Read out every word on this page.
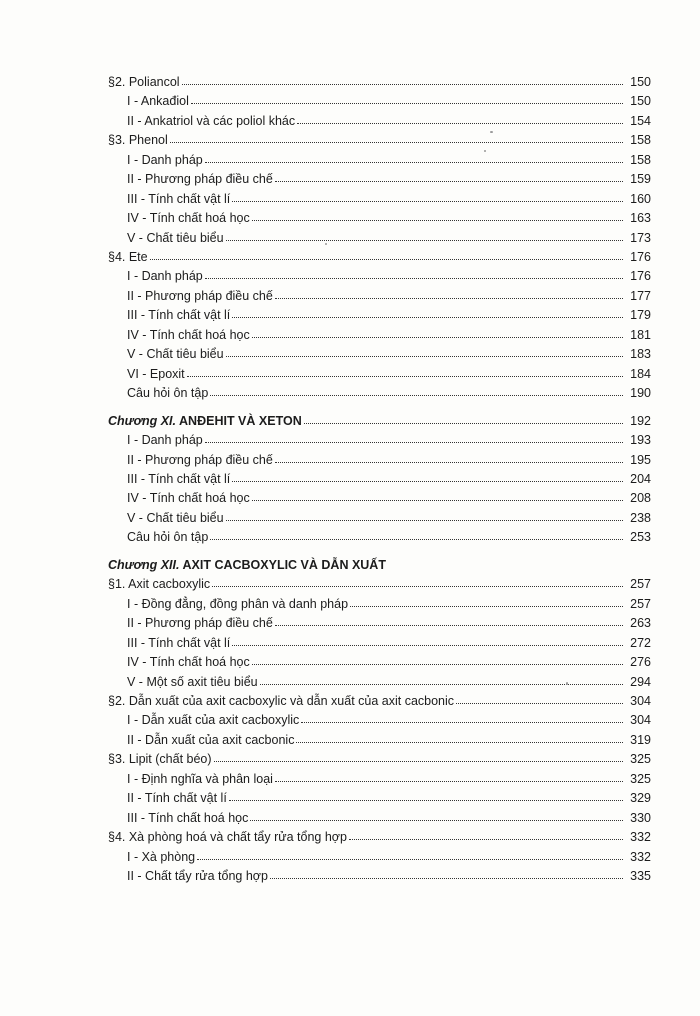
§2. Poliancol	150
I - Ankađiol	150
II - Ankatriol và các poliol khác	154
§3. Phenol	158
I - Danh pháp	158
II - Phương pháp điều chế	159
III - Tính chất vật lí	160
IV - Tính chất hoá học	163
V - Chất tiêu biểu	173
§4. Ete	176
I - Danh pháp	176
II - Phương pháp điều chế	177
III - Tính chất vật lí	179
IV - Tính chất hoá học	181
V - Chất tiêu biểu	183
VI - Epoxit	184
Câu hỏi ôn tập	190
Chương XI. ANĐEHIT VÀ XETON	192
I - Danh pháp	193
II - Phương pháp điều chế	195
III - Tính chất vật lí	204
IV - Tính chất hoá học	208
V - Chất tiêu biểu	238
Câu hỏi ôn tập	253
Chương XII. AXIT CACBOXYLIC VÀ DẪN XUẤT
§1. Axit cacboxylic	257
I - Đồng đẳng, đồng phân và danh pháp	257
II - Phương pháp điều chế	263
III - Tính chất vật lí	272
IV - Tính chất hoá học	276
V - Một số axit tiêu biểu	294
§2. Dẫn xuất của axit cacboxylic và dẫn xuất của axit cacbonic	304
I - Dẫn xuất của axit cacboxylic	304
II - Dẫn xuất của axit cacbonic	319
§3. Lipit (chất béo)	325
I - Định nghĩa và phân loại	325
II - Tính chất vật lí	329
III - Tính chất hoá học	330
§4. Xà phòng hoá và chất tẩy rửa tổng hợp	332
I - Xà phòng	332
II - Chất tẩy rửa tổng hợp	335
